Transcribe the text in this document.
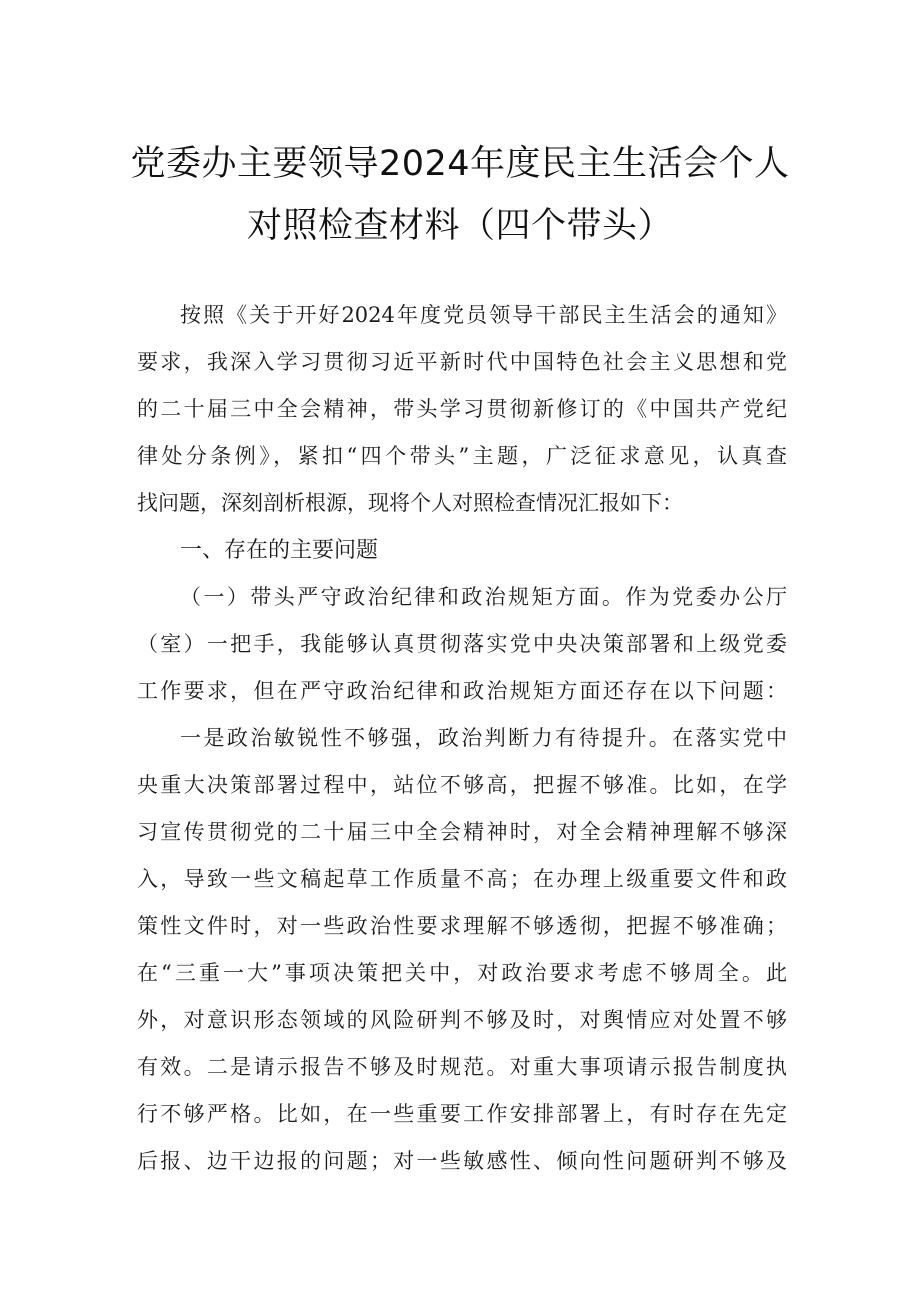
党委办主要领导2024年度民主生活会个人
对照检查材料（四个带头）
按照《关于开好2024年度党员领导干部民主生活会的通知》
要求，我深入学习贯彻习近平新时代中国特色社会主义思想和党
的二十届三中全会精神，带头学习贯彻新修订的《中国共产党纪
律处分条例》，紧扣“四个带头”主题，广泛征求意见，认真查
找问题，深刻剖析根源，现将个人对照检查情况汇报如下：
一、存在的主要问题
（一）带头严守政治纪律和政治规矩方面。作为党委办公厅
（室）一把手，我能够认真贯彻落实党中央决策部署和上级党委
工作要求，但在严守政治纪律和政治规矩方面还存在以下问题：
一是政治敏锐性不够强，政治判断力有待提升。在落实党中
央重大决策部署过程中，站位不够高，把握不够准。比如，在学
习宣传贯彻党的二十届三中全会精神时，对全会精神理解不够深
入，导致一些文稿起草工作质量不高；在办理上级重要文件和政
策性文件时，对一些政治性要求理解不够透彻，把握不够准确；
在“三重一大”事项决策把关中，对政治要求考虑不够周全。此
外，对意识形态领域的风险研判不够及时，对舆情应对处置不够
有效。二是请示报告不够及时规范。对重大事项请示报告制度执
行不够严格。比如，在一些重要工作安排部署上，有时存在先定
后报、边干边报的问题；对一些敏感性、倾向性问题研判不够及
